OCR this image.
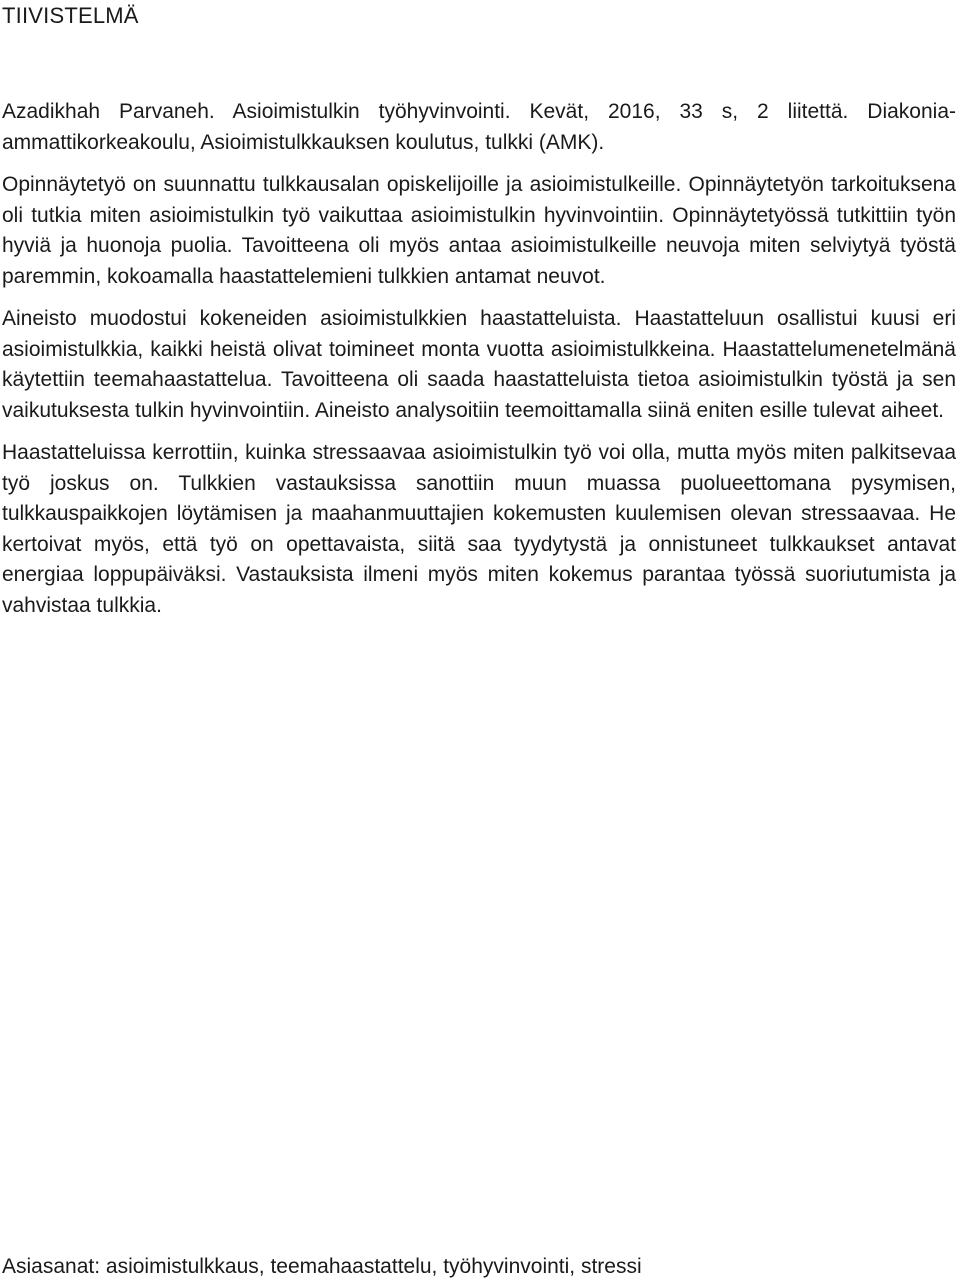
TIIVISTELMÄ

Azadikhah Parvaneh. Asioimistulkin työhyvinvointi. Kevät, 2016, 33 s, 2 liitettä. Diakonia-ammattikorkeakoulu, Asioimistulkkauksen koulutus, tulkki (AMK).

Opinnäytetyö on suunnattu tulkkausalan opiskelijoille ja asioimistulkeille. Opinnäytetyön tarkoituksena oli tutkia miten asioimistulkin työ vaikuttaa asioimistulkin hyvinvointiin. Opinnäytetyössä tutkittiin työn hyviä ja huonoja puolia. Tavoitteena oli myös antaa asioimistulkeille neuvoja miten selviytyä työstä paremmin, kokoamalla haastattelemieni tulkkien antamat neuvot.

Aineisto muodostui kokeneiden asioimistulkkien haastatteluista. Haastatteluun osallistui kuusi eri asioimistulkkia, kaikki heistä olivat toimineet monta vuotta asioimistulkkeina. Haastattelumenetelmänä käytettiin teemahaastattelua. Tavoitteena oli saada haastatteluista tietoa asioimistulkin työstä ja sen vaikutuksesta tulkin hyvinvointiin. Aineisto analysoitiin teemoittamalla siinä eniten esille tulevat aiheet.

Haastatteluissa kerrottiin, kuinka stressaavaa asioimistulkin työ voi olla, mutta myös miten palkitsevaa työ joskus on. Tulkkien vastauksissa sanottiin muun muassa puolueettomana pysymisen, tulkkauspaikkojen löytämisen ja maahanmuuttajien kokemusten kuulemisen olevan stressaavaa. He kertoivat myös, että työ on opettavaista, siitä saa tyydytystä ja onnistuneet tulkkaukset antavat energiaa loppupäiväksi. Vastauksista ilmeni myös miten kokemus parantaa työssä suoriutumista ja vahvistaa tulkkia.

Asiasanat: asioimistulkkaus, teemahaastattelu, työhyvinvointi, stressi
